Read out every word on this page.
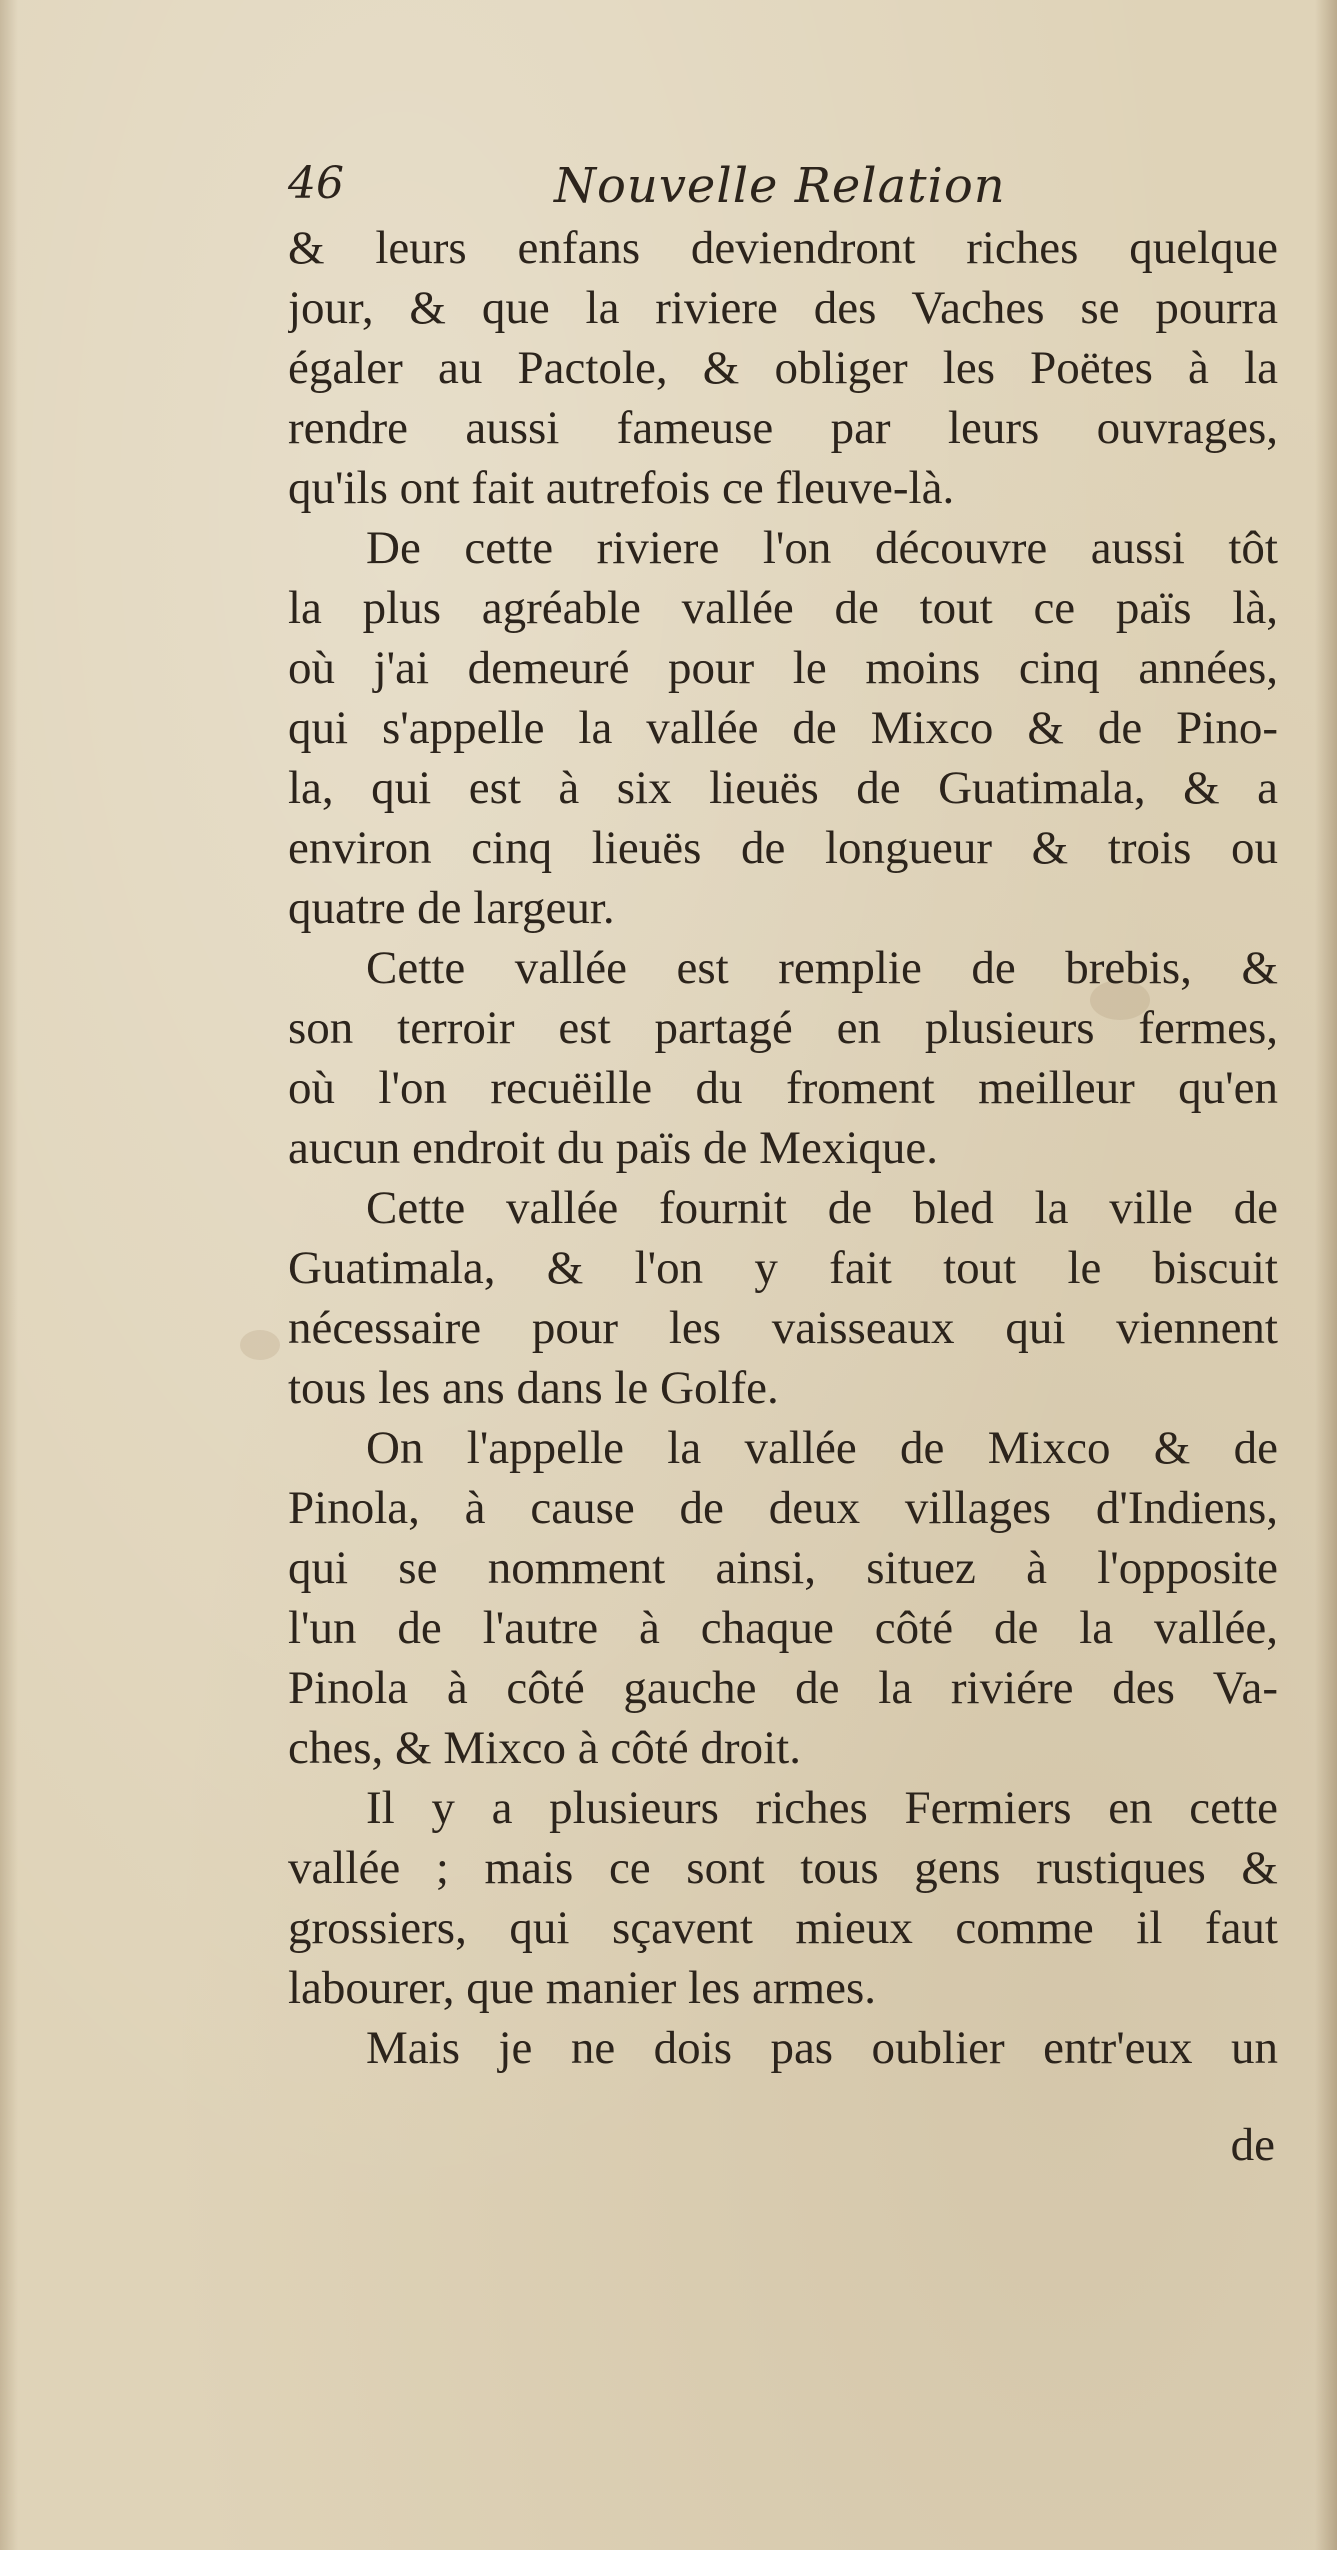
46	Nouvelle Relation
& leurs enfans deviendront riches quelque
jour, & que la riviere des Vaches se pourra
égaler au Pactole, & obliger les Poëtes à la
rendre aussi fameuse par leurs ouvrages,
qu'ils ont fait autrefois ce fleuve-là.
De cette riviere l'on découvre aussi tôt
la plus agréable vallée de tout ce païs là,
où j'ai demeuré pour le moins cinq années,
qui s'appelle la vallée de Mixco & de Pino-
la, qui est à six lieuës de Guatimala, & a
environ cinq lieuës de longueur & trois ou
quatre de largeur.
Cette vallée est remplie de brebis, &
son terroir est partagé en plusieurs fermes,
où l'on recuëille du froment meilleur qu'en
aucun endroit du païs de Mexique.
Cette vallée fournit de bled la ville de
Guatimala, & l'on y fait tout le biscuit
nécessaire pour les vaisseaux qui viennent
tous les ans dans le Golfe.
On l'appelle la vallée de Mixco & de
Pinola, à cause de deux villages d'Indiens,
qui se nomment ainsi, situez à l'opposite
l'un de l'autre à chaque côté de la vallée,
Pinola à côté gauche de la riviére des Va-
ches, & Mixco à côté droit.
Il y a plusieurs riches Fermiers en cette
vallée ; mais ce sont tous gens rustiques &
grossiers, qui sçavent mieux comme il faut
labourer, que manier les armes.
Mais je ne dois pas oublier entr'eux un
de
